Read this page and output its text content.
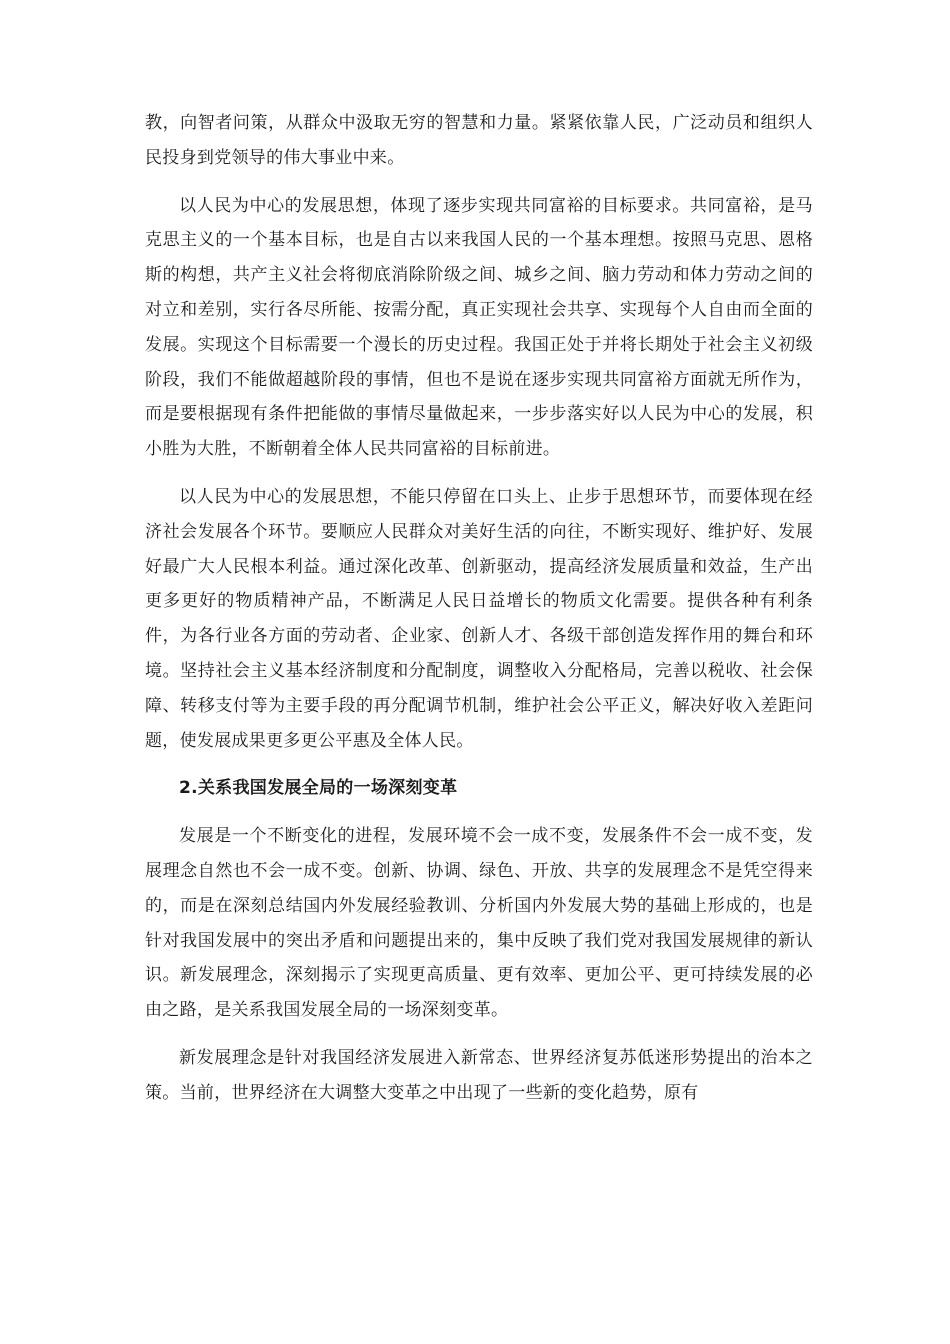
教，向智者问策，从群众中汲取无穷的智慧和力量。紧紧依靠人民，广泛动员和组织人民投身到党领导的伟大事业中来。

以人民为中心的发展思想，体现了逐步实现共同富裕的目标要求。共同富裕，是马克思主义的一个基本目标，也是自古以来我国人民的一个基本理想。按照马克思、恩格斯的构想，共产主义社会将彻底消除阶级之间、城乡之间、脑力劳动和体力劳动之间的对立和差别，实行各尽所能、按需分配，真正实现社会共享、实现每个人自由而全面的发展。实现这个目标需要一个漫长的历史过程。我国正处于并将长期处于社会主义初级阶段，我们不能做超越阶段的事情，但也不是说在逐步实现共同富裕方面就无所作为，而是要根据现有条件把能做的事情尽量做起来，一步步落实好以人民为中心的发展，积小胜为大胜，不断朝着全体人民共同富裕的目标前进。

以人民为中心的发展思想，不能只停留在口头上、止步于思想环节，而要体现在经济社会发展各个环节。要顺应人民群众对美好生活的向往，不断实现好、维护好、发展好最广大人民根本利益。通过深化改革、创新驱动，提高经济发展质量和效益，生产出更多更好的物质精神产品，不断满足人民日益增长的物质文化需要。提供各种有利条件，为各行业各方面的劳动者、企业家、创新人才、各级干部创造发挥作用的舞台和环境。坚持社会主义基本经济制度和分配制度，调整收入分配格局，完善以税收、社会保障、转移支付等为主要手段的再分配调节机制，维护社会公平正义，解决好收入差距问题，使发展成果更多更公平惠及全体人民。

2.关系我国发展全局的一场深刻变革

发展是一个不断变化的进程，发展环境不会一成不变，发展条件不会一成不变，发展理念自然也不会一成不变。创新、协调、绿色、开放、共享的发展理念不是凭空得来的，而是在深刻总结国内外发展经验教训、分析国内外发展大势的基础上形成的，也是针对我国发展中的突出矛盾和问题提出来的，集中反映了我们党对我国发展规律的新认识。新发展理念，深刻揭示了实现更高质量、更有效率、更加公平、更可持续发展的必由之路，是关系我国发展全局的一场深刻变革。

新发展理念是针对我国经济发展进入新常态、世界经济复苏低迷形势提出的治本之策。当前，世界经济在大调整大变革之中出现了一些新的变化趋势，原有
